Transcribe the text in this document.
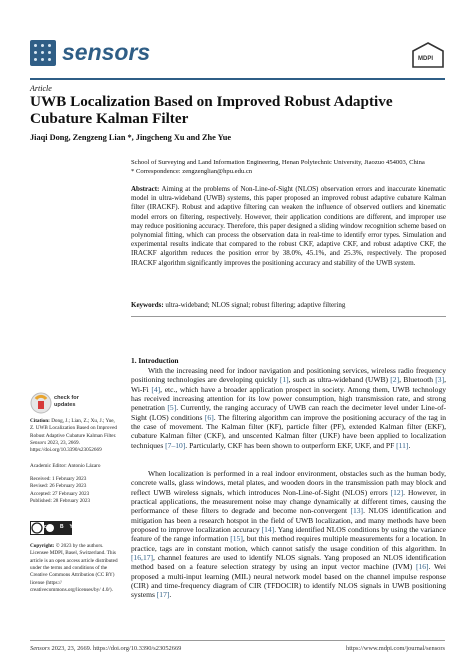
sensors	MDPI
Article
UWB Localization Based on Improved Robust Adaptive Cubature Kalman Filter
Jiaqi Dong, Zengzeng Lian *, Jingcheng Xu and Zhe Yue
School of Surveying and Land Information Engineering, Henan Polytechnic University, Jiaozuo 454003, China
* Correspondence: zengzenglian@hpu.edu.cn
Abstract: Aiming at the problems of Non-Line-of-Sight (NLOS) observation errors and inaccurate kinematic model in ultra-wideband (UWB) systems, this paper proposed an improved robust adaptive cubature Kalman filter (IRACKF). Robust and adaptive filtering can weaken the influence of observed outliers and kinematic model errors on filtering, respectively. However, their application conditions are different, and improper use may reduce positioning accuracy. Therefore, this paper designed a sliding window recognition scheme based on polynomial fitting, which can process the observation data in real-time to identify error types. Simulation and experimental results indicate that compared to the robust CKF, adaptive CKF, and robust adaptive CKF, the IRACKF algorithm reduces the position error by 38.0%, 45.1%, and 25.3%, respectively. The proposed IRACKF algorithm significantly improves the positioning accuracy and stability of the UWB system.
Keywords: ultra-wideband; NLOS signal; robust filtering; adaptive filtering
1. Introduction
With the increasing need for indoor navigation and positioning services, wireless radio frequency positioning technologies are developing quickly [1], such as ultra-wideband (UWB) [2], Bluetooth [3], Wi-Fi [4], etc., which have a broader application prospect in society. Among them, UWB technology has received increasing attention for its low power consumption, high transmission rate, and strong penetration [5]. Currently, the ranging accuracy of UWB can reach the decimeter level under Line-of-Sight (LOS) conditions [6]. The filtering algorithm can improve the positioning accuracy of the tag in the case of movement. The Kalman filter (KF), particle filter (PF), extended Kalman filter (EKF), cubature Kalman filter (CKF), and unscented Kalman filter (UKF) have been applied to localization techniques [7–10]. Particularly, CKF has been shown to outperform EKF, UKF, and PF [11].
When localization is performed in a real indoor environment, obstacles such as the human body, concrete walls, glass windows, metal plates, and wooden doors in the transmission path may block and reflect UWB wireless signals, which introduces Non-Line-of-Sight (NLOS) errors [12]. However, in practical applications, the measurement noise may change dynamically at different times, causing the performance of these filters to degrade and become non-convergent [13]. NLOS identification and mitigation has been a research hotspot in the field of UWB localization, and many methods have been proposed to improve localization accuracy [14]. Yang identified NLOS conditions by using the variance feature of the range information [15], but this method requires multiple measurements for a location. In practice, tags are in constant motion, which cannot satisfy the usage condition of this algorithm. In [16,17], channel features are used to identify NLOS signals. Yang proposed an NLOS identification method based on a feature selection strategy by using an input vector machine (IVM) [16]. Wei proposed a multi-input learning (MIL) neural network model based on the channel impulse response (CIR) and time-frequency diagram of CIR (TFDOCIR) to identify NLOS signals in UWB positioning systems [17].
check for updates
Citation: Dong, J.; Lian, Z.; Xu, J.; Yue, Z. UWB Localization Based on Improved Robust Adaptive Cubature Kalman Filter. Sensors 2023, 23, 2669. https://doi.org/10.3390/s23052669
Academic Editor: Antonio Lázaro
Received: 1 February 2023
Revised: 26 February 2023
Accepted: 27 February 2023
Published: 28 February 2023
cc BY
Copyright: © 2023 by the authors. Licensee MDPI, Basel, Switzerland. This article is an open access article distributed under the terms and conditions of the Creative Commons Attribution (CC BY) license (https:// creativecommons.org/licenses/by/ 4.0/).
Sensors 2023, 23, 2669. https://doi.org/10.3390/s23052669	https://www.mdpi.com/journal/sensors
